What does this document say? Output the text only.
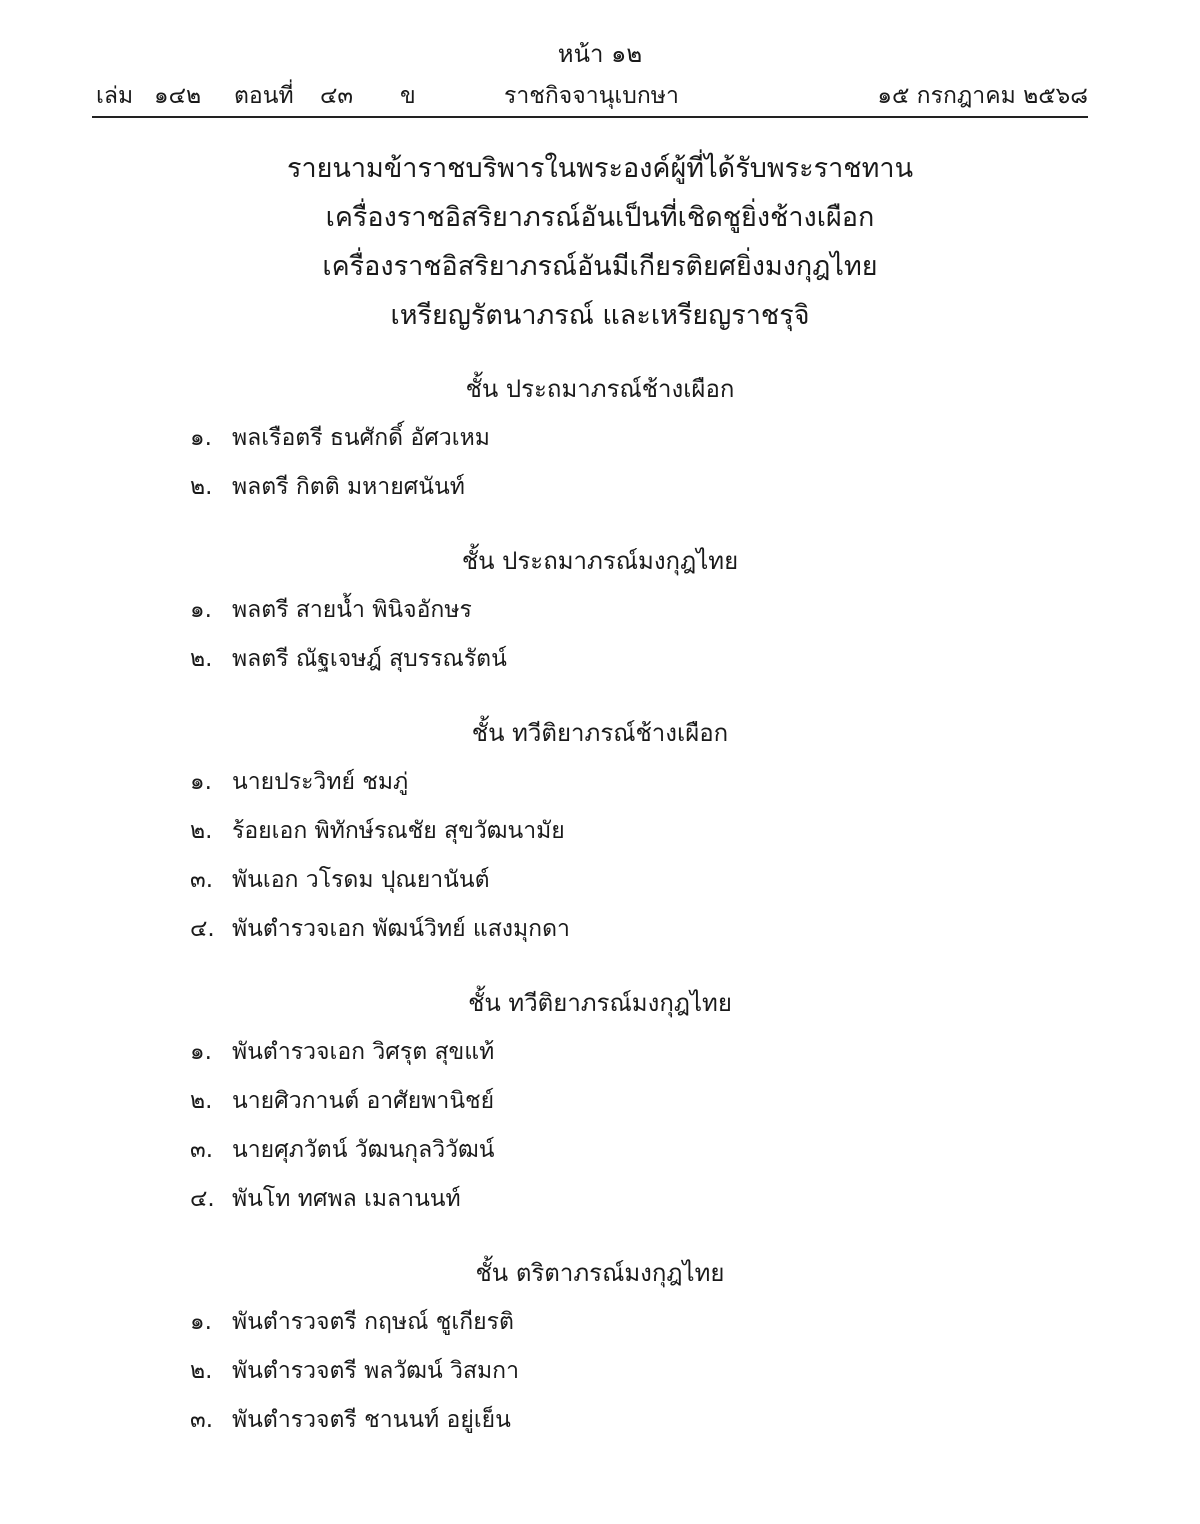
หน้า ๑๒
เล่ม ๑๔๒ ตอนที่ ๔๓ ข	ราชกิจจานุเบกษา	๑๕ กรกฎาคม ๒๕๖๘
รายนามข้าราชบริพารในพระองค์ผู้ที่ได้รับพระราชทาน
เครื่องราชอิสริยาภรณ์อันเป็นที่เชิดชูยิ่งช้างเผือก
เครื่องราชอิสริยาภรณ์อันมีเกียรติยศยิ่งมงกุฎไทย
เหรียญรัตนาภรณ์ และเหรียญราชรุจิ
ชั้น ประถมาภรณ์ช้างเผือก
๑. พลเรือตรี ธนศักดิ์ อัศวเหม
๒. พลตรี กิตติ มหายศนันท์
ชั้น ประถมาภรณ์มงกุฎไทย
๑. พลตรี สายน้ำ พินิจอักษร
๒. พลตรี ณัฐเจษฎ์ สุบรรณรัตน์
ชั้น ทวีติยาภรณ์ช้างเผือก
๑. นายประวิทย์ ชมภู่
๒. ร้อยเอก พิทักษ์รณชัย สุขวัฒนามัย
๓. พันเอก วโรดม ปุณยานันต์
๔. พันตำรวจเอก พัฒน์วิทย์ แสงมุกดา
ชั้น ทวีติยาภรณ์มงกุฎไทย
๑. พันตำรวจเอก วิศรุต สุขแท้
๒. นายศิวกานต์ อาศัยพานิชย์
๓. นายศุภวัตน์ วัฒนกุลวิวัฒน์
๔. พันโท ทศพล เมลานนท์
ชั้น ตริตาภรณ์มงกุฎไทย
๑. พันตำรวจตรี กฤษณ์ ชูเกียรติ
๒. พันตำรวจตรี พลวัฒน์ วิสมกา
๓. พันตำรวจตรี ชานนท์ อยู่เย็น
